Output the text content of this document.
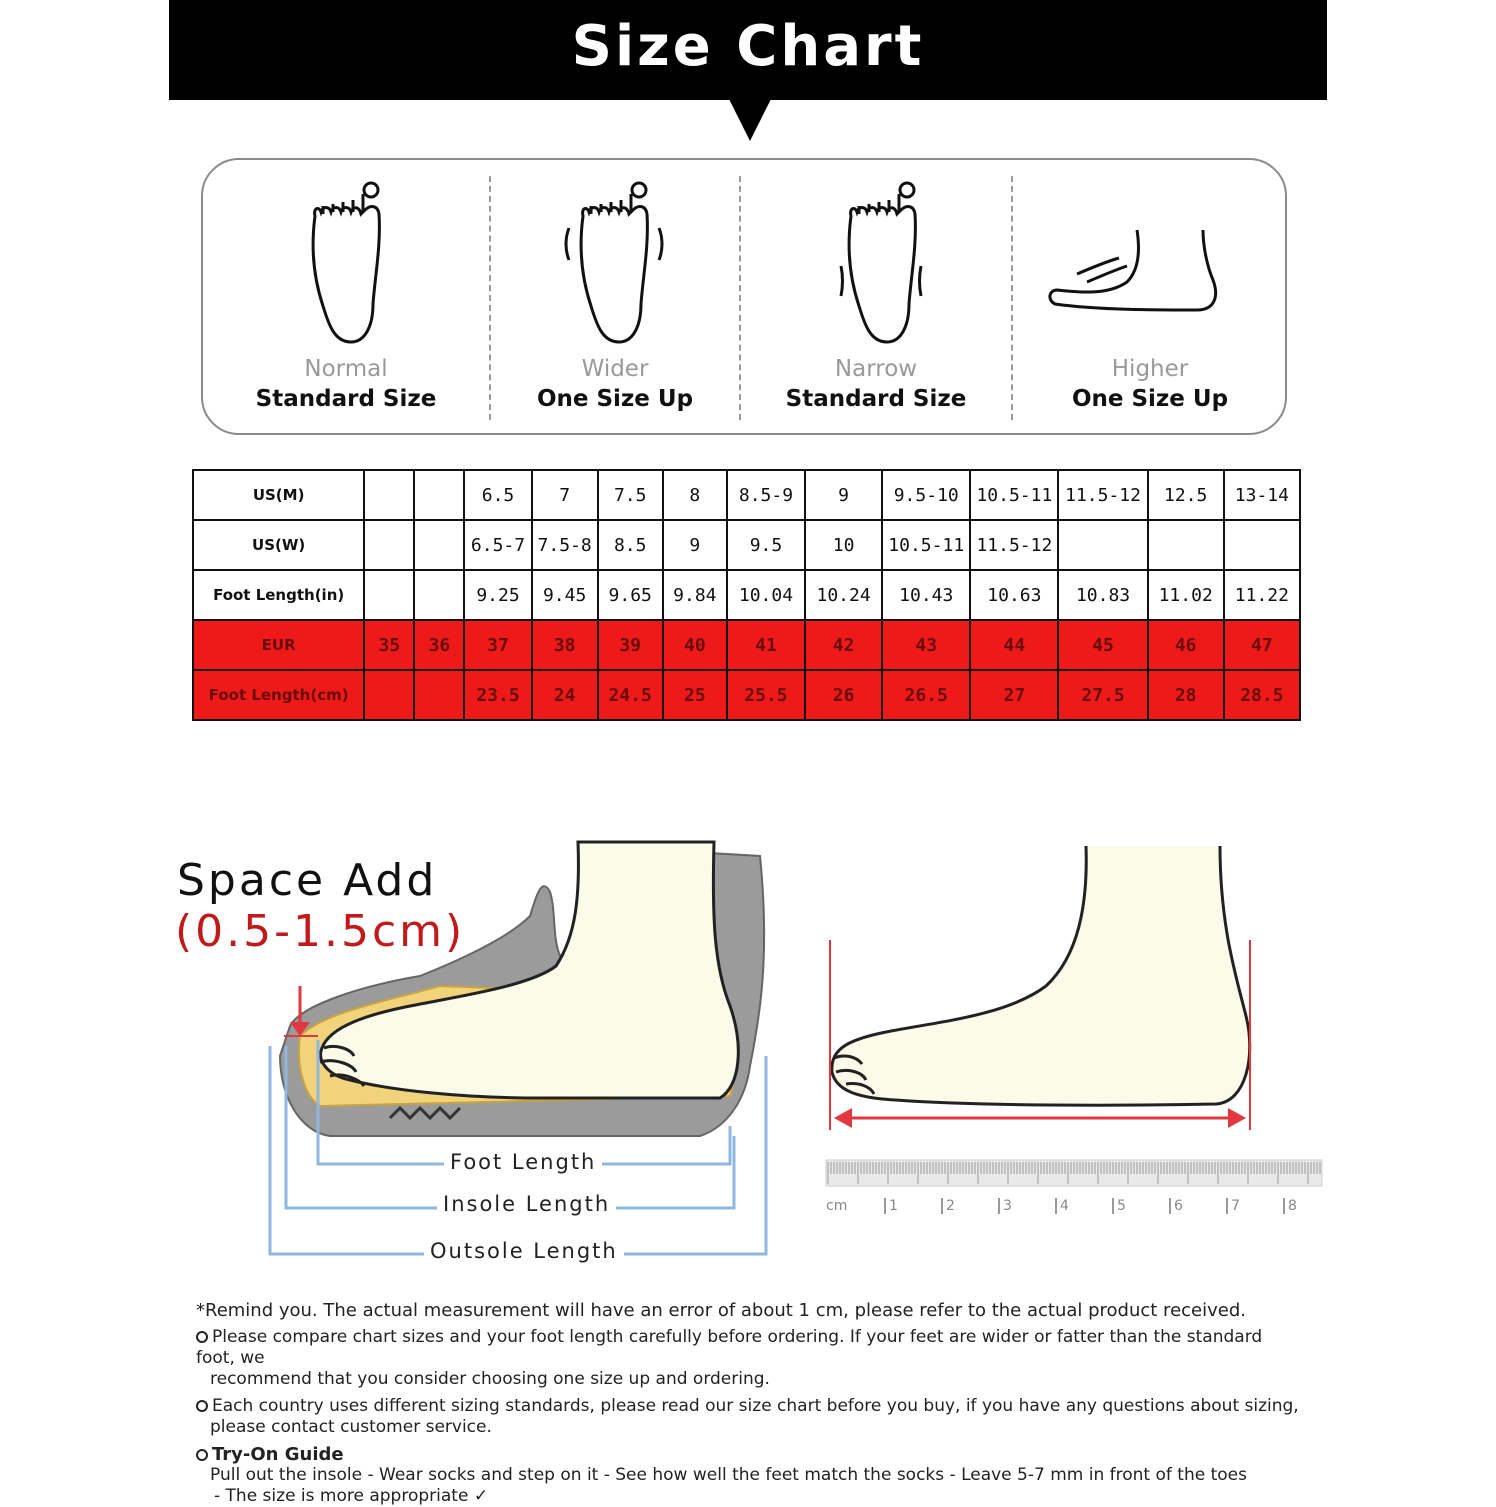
Size Chart
Normal
Standard Size
Wider
One Size Up
Narrow
Standard Size
Higher
One Size Up
US(M)			6.5	7	7.5	8	8.5-9	9	9.5-10	10.5-11	11.5-12	12.5	13-14
US(W)			6.5-7	7.5-8	8.5	9	9.5	10	10.5-11	11.5-12			
Foot Length(in)			9.25	9.45	9.65	9.84	10.04	10.24	10.43	10.63	10.83	11.02	11.22
EUR	35	36	37	38	39	40	41	42	43	44	45	46	47
Foot Length(cm)			23.5	24	24.5	25	25.5	26	26.5	27	27.5	28	28.5
Space Add
(0.5-1.5cm)
Foot Length
Insole Length
Outsole Length
cm	1	2	3	4	5	6	7	8

*Remind you. The actual measurement will have an error of about 1 cm, please refer to the actual product received.

Please compare chart sizes and your foot length carefully before ordering. If your feet are wider or fatter than the standard foot, we

recommend that you consider choosing one size up and ordering.

Each country uses different sizing standards, please read our size chart before you buy, if you have any questions about sizing,

please contact customer service.

Try-On Guide

Pull out the insole - Wear socks and step on it - See how well the feet match the socks - Leave 5-7 mm in front of the toes

- The size is more appropriate ✓
